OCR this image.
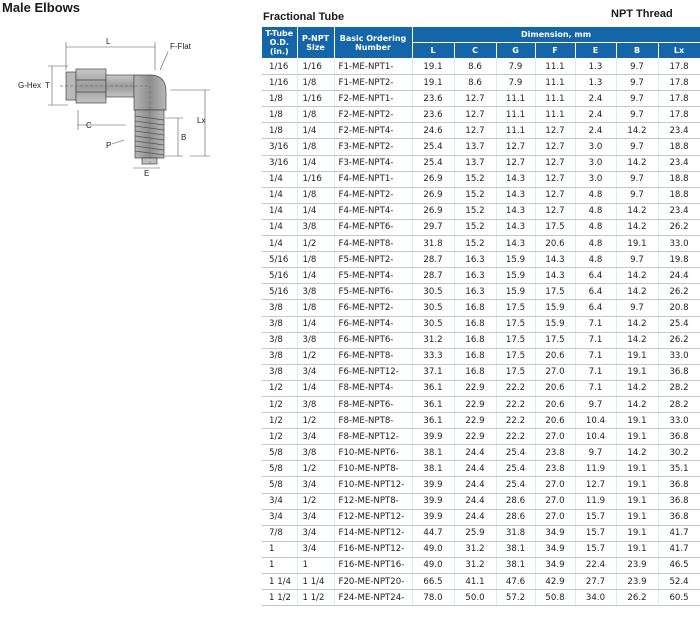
Male Elbows
L
F-Flat
G-Hex T
C
B
Lx
P
E
Fractional Tube	NPT Thread
T-Tube O.D. (in.)	P-NPT Size	Basic Ordering Number	Dimension, mm						
			L	C	G	F	E	B	Lx
1/16	1/16	F1-ME-NPT1-	19.1	8.6	7.9	11.1	1.3	9.7	17.8
1/16	1/8	F1-ME-NPT2-	19.1	8.6	7.9	11.1	1.3	9.7	17.8
1/8	1/16	F2-ME-NPT1-	23.6	12.7	11.1	11.1	2.4	9.7	17.8
1/8	1/8	F2-ME-NPT2-	23.6	12.7	11.1	11.1	2.4	9.7	17.8
1/8	1/4	F2-ME-NPT4-	24.6	12.7	11.1	12.7	2.4	14.2	23.4
3/16	1/8	F3-ME-NPT2-	25.4	13.7	12.7	12.7	3.0	9.7	18.8
3/16	1/4	F3-ME-NPT4-	25.4	13.7	12.7	12.7	3.0	14.2	23.4
1/4	1/16	F4-ME-NPT1-	26.9	15.2	14.3	12.7	3.0	9.7	18.8
1/4	1/8	F4-ME-NPT2-	26.9	15.2	14.3	12.7	4.8	9.7	18.8
1/4	1/4	F4-ME-NPT4-	26.9	15.2	14.3	12.7	4.8	14.2	23.4
1/4	3/8	F4-ME-NPT6-	29.7	15.2	14.3	17.5	4.8	14.2	26.2
1/4	1/2	F4-ME-NPT8-	31.8	15.2	14.3	20.6	4.8	19.1	33.0
5/16	1/8	F5-ME-NPT2-	28.7	16.3	15.9	14.3	4.8	9.7	19.8
5/16	1/4	F5-ME-NPT4-	28.7	16.3	15.9	14.3	6.4	14.2	24.4
5/16	3/8	F5-ME-NPT6-	30.5	16.3	15.9	17.5	6.4	14.2	26.2
3/8	1/8	F6-ME-NPT2-	30.5	16.8	17.5	15.9	6.4	9.7	20.8
3/8	1/4	F6-ME-NPT4-	30.5	16.8	17.5	15.9	7.1	14.2	25.4
3/8	3/8	F6-ME-NPT6-	31.2	16.8	17.5	17.5	7.1	14.2	26.2
3/8	1/2	F6-ME-NPT8-	33.3	16.8	17.5	20.6	7.1	19.1	33.0
3/8	3/4	F6-ME-NPT12-	37.1	16.8	17.5	27.0	7.1	19.1	36.8
1/2	1/4	F8-ME-NPT4-	36.1	22.9	22.2	20.6	7.1	14.2	28.2
1/2	3/8	F8-ME-NPT6-	36.1	22.9	22.2	20.6	9.7	14.2	28.2
1/2	1/2	F8-ME-NPT8-	36.1	22.9	22.2	20.6	10.4	19.1	33.0
1/2	3/4	F8-ME-NPT12-	39.9	22.9	22.2	27.0	10.4	19.1	36.8
5/8	3/8	F10-ME-NPT6-	38.1	24.4	25.4	23.8	9.7	14.2	30.2
5/8	1/2	F10-ME-NPT8-	38.1	24.4	25.4	23.8	11.9	19.1	35.1
5/8	3/4	F10-ME-NPT12-	39.9	24.4	25.4	27.0	12.7	19.1	36.8
3/4	1/2	F12-ME-NPT8-	39.9	24.4	28.6	27.0	11.9	19.1	36.8
3/4	3/4	F12-ME-NPT12-	39.9	24.4	28.6	27.0	15.7	19.1	36.8
7/8	3/4	F14-ME-NPT12-	44.7	25.9	31.8	34.9	15.7	19.1	41.7
1	3/4	F16-ME-NPT12-	49.0	31.2	38.1	34.9	15.7	19.1	41.7
1	1	F16-ME-NPT16-	49.0	31.2	38.1	34.9	22.4	23.9	46.5
1 1/4	1 1/4	F20-ME-NPT20-	66.5	41.1	47.6	42.9	27.7	23.9	52.4
1 1/2	1 1/2	F24-ME-NPT24-	78.0	50.0	57.2	50.8	34.0	26.2	60.5
